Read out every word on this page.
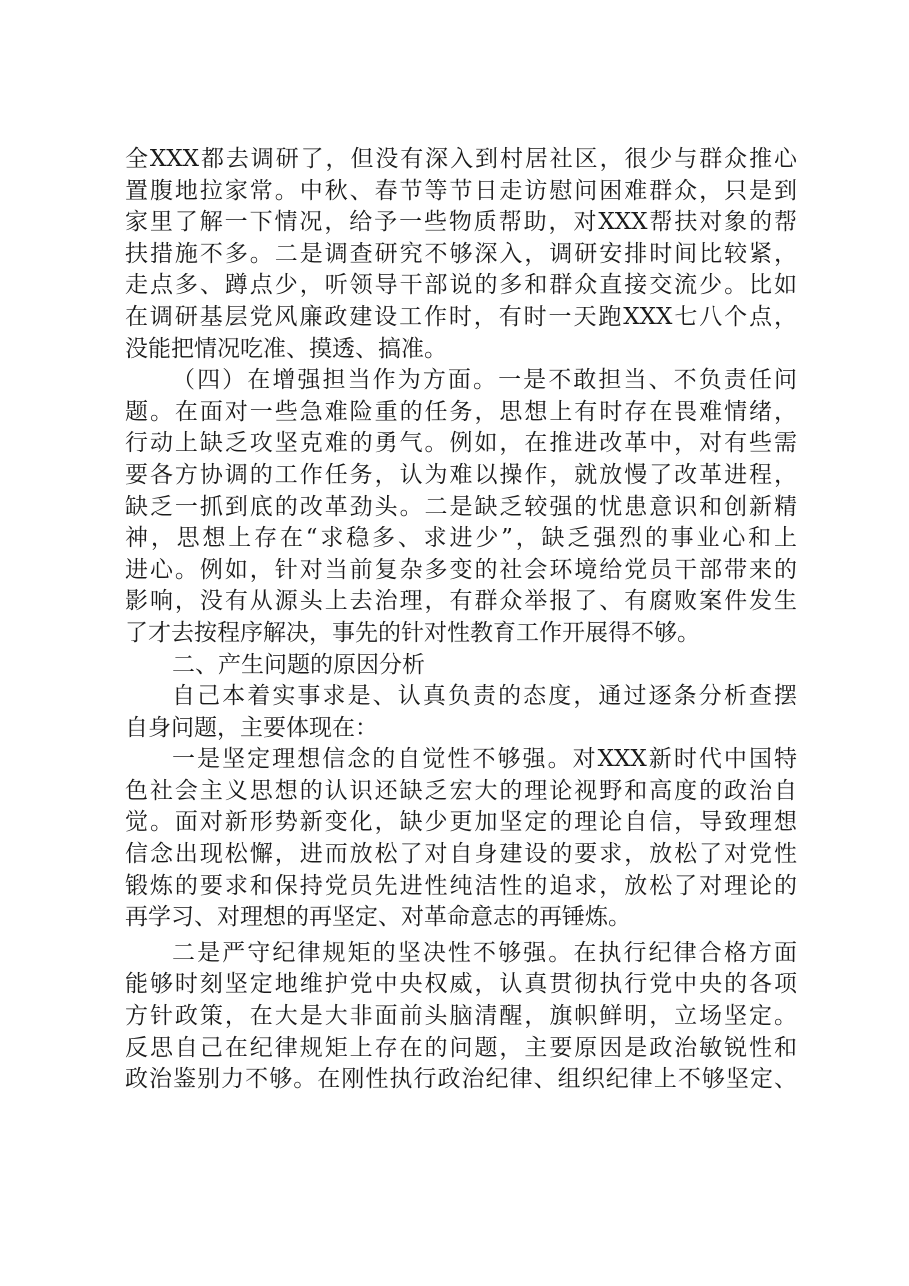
全XXX都去调研了，但没有深入到村居社区，很少与群众推心
置腹地拉家常。中秋、春节等节日走访慰问困难群众，只是到
家里了解一下情况，给予一些物质帮助，对XXX帮扶对象的帮
扶措施不多。二是调查研究不够深入，调研安排时间比较紧，
走点多、蹲点少，听领导干部说的多和群众直接交流少。比如
在调研基层党风廉政建设工作时，有时一天跑XXX七八个点，
没能把情况吃准、摸透、搞准。
（四）在增强担当作为方面。一是不敢担当、不负责任问
题。在面对一些急难险重的任务，思想上有时存在畏难情绪，
行动上缺乏攻坚克难的勇气。例如，在推进改革中，对有些需
要各方协调的工作任务，认为难以操作，就放慢了改革进程，
缺乏一抓到底的改革劲头。二是缺乏较强的忧患意识和创新精
神，思想上存在“求稳多、求进少”，缺乏强烈的事业心和上
进心。例如，针对当前复杂多变的社会环境给党员干部带来的
影响，没有从源头上去治理，有群众举报了、有腐败案件发生
了才去按程序解决，事先的针对性教育工作开展得不够。
二、产生问题的原因分析
自己本着实事求是、认真负责的态度，通过逐条分析查摆
自身问题，主要体现在：
一是坚定理想信念的自觉性不够强。对XXX新时代中国特
色社会主义思想的认识还缺乏宏大的理论视野和高度的政治自
觉。面对新形势新变化，缺少更加坚定的理论自信，导致理想
信念出现松懈，进而放松了对自身建设的要求，放松了对党性
锻炼的要求和保持党员先进性纯洁性的追求，放松了对理论的
再学习、对理想的再坚定、对革命意志的再锤炼。
二是严守纪律规矩的坚决性不够强。在执行纪律合格方面
能够时刻坚定地维护党中央权威，认真贯彻执行党中央的各项
方针政策，在大是大非面前头脑清醒，旗帜鲜明，立场坚定。
反思自己在纪律规矩上存在的问题，主要原因是政治敏锐性和
政治鉴别力不够。在刚性执行政治纪律、组织纪律上不够坚定、
